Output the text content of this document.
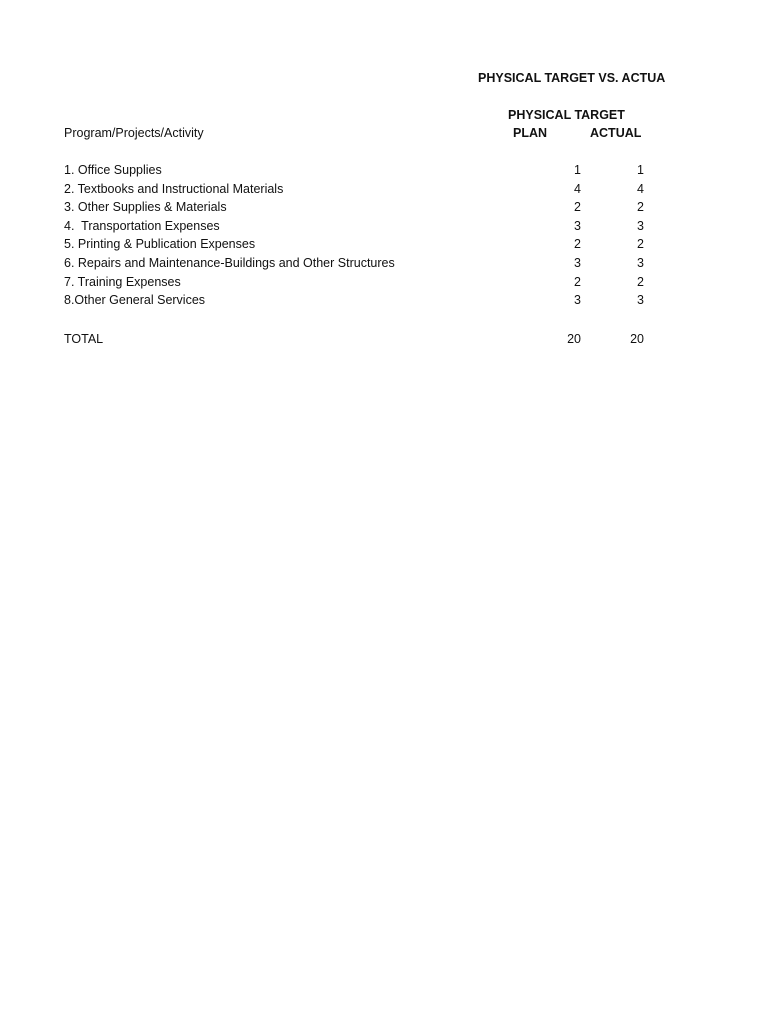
PHYSICAL TARGET VS. ACTUA
PHYSICAL TARGET
Program/Projects/Activity	PLAN	ACTUAL
1. Office Supplies	1	1
2. Textbooks and Instructional Materials	4	4
3. Other Supplies & Materials	2	2
4.  Transportation Expenses	3	3
5. Printing & Publication Expenses	2	2
6. Repairs and Maintenance-Buildings and Other Structures	3	3
7. Training Expenses	2	2
8.Other General Services	3	3
TOTAL	20	20
